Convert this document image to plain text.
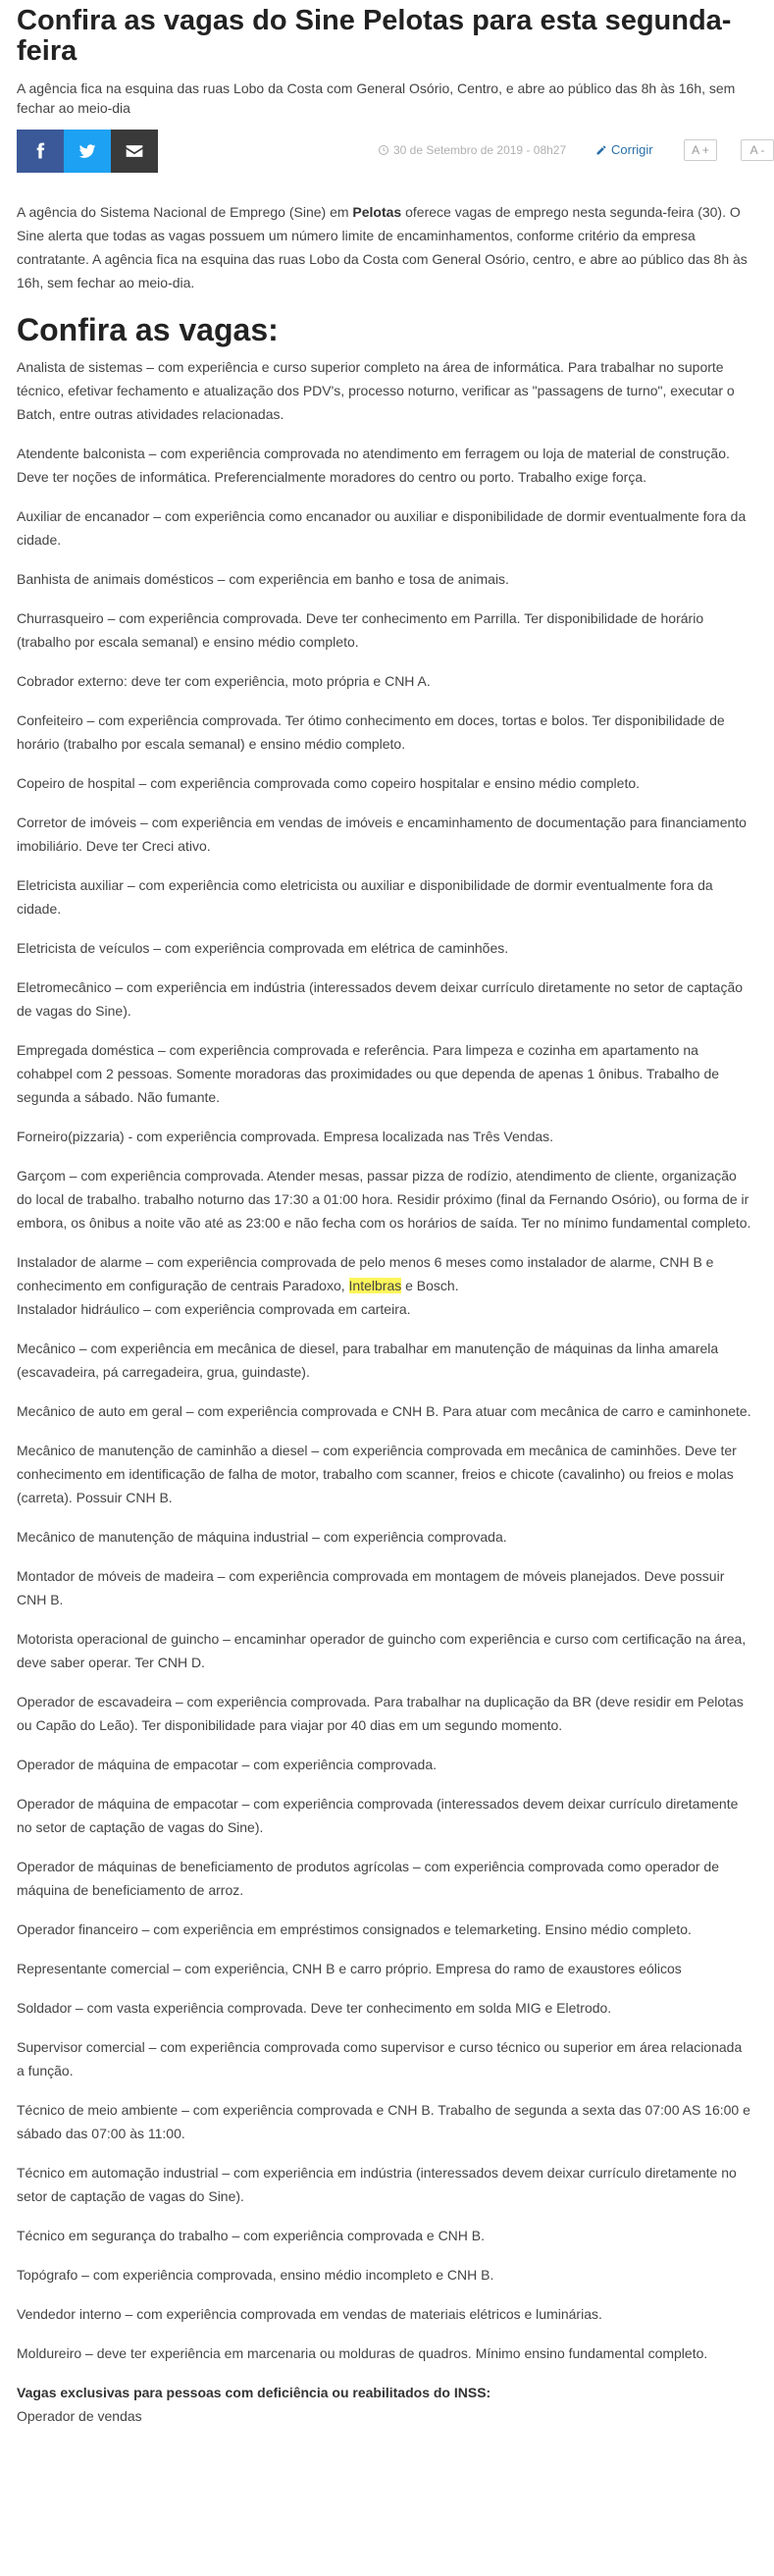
Confira as vagas do Sine Pelotas para esta segunda-feira
A agência fica na esquina das ruas Lobo da Costa com General Osório, Centro, e abre ao público das 8h às 16h, sem fechar ao meio-dia
30 de Setembro de 2019 - 08h27	Corrigir	A +	A -

A agência do Sistema Nacional de Emprego (Sine) em Pelotas oferece vagas de emprego nesta segunda-feira (30). O Sine alerta que todas as vagas possuem um número limite de encaminhamentos, conforme critério da empresa contratante. A agência fica na esquina das ruas Lobo da Costa com General Osório, centro, e abre ao público das 8h às 16h, sem fechar ao meio-dia.

Confira as vagas:

Analista de sistemas – com experiência e curso superior completo na área de informática. Para trabalhar no suporte técnico, efetivar fechamento e atualização dos PDV's, processo noturno, verificar as "passagens de turno", executar o Batch, entre outras atividades relacionadas.

Atendente balconista – com experiência comprovada no atendimento em ferragem ou loja de material de construção. Deve ter noções de informática. Preferencialmente moradores do centro ou porto. Trabalho exige força.

Auxiliar de encanador – com experiência como encanador ou auxiliar e disponibilidade de dormir eventualmente fora da cidade.

Banhista de animais domésticos – com experiência em banho e tosa de animais.

Churrasqueiro – com experiência comprovada. Deve ter conhecimento em Parrilla. Ter disponibilidade de horário (trabalho por escala semanal) e ensino médio completo.

Cobrador externo: deve ter com experiência, moto própria e CNH A.

Confeiteiro – com experiência comprovada. Ter ótimo conhecimento em doces, tortas e bolos. Ter disponibilidade de horário (trabalho por escala semanal) e ensino médio completo.

Copeiro de hospital – com experiência comprovada como copeiro hospitalar e ensino médio completo.

Corretor de imóveis – com experiência em vendas de imóveis e encaminhamento de documentação para financiamento imobiliário. Deve ter Creci ativo.

Eletricista auxiliar – com experiência como eletricista ou auxiliar e disponibilidade de dormir eventualmente fora da cidade.

Eletricista de veículos – com experiência comprovada em elétrica de caminhões.

Eletromecânico – com experiência em indústria (interessados devem deixar currículo diretamente no setor de captação de vagas do Sine).

Empregada doméstica – com experiência comprovada e referência. Para limpeza e cozinha em apartamento na cohabpel com 2 pessoas. Somente moradoras das proximidades ou que dependa de apenas 1 ônibus. Trabalho de segunda a sábado. Não fumante.

Forneiro(pizzaria) - com experiência comprovada. Empresa localizada nas Três Vendas.

Garçom – com experiência comprovada. Atender mesas, passar pizza de rodízio, atendimento de cliente, organização do local de trabalho. trabalho noturno das 17:30 a 01:00 hora. Residir próximo (final da Fernando Osório), ou forma de ir embora, os ônibus a noite vão até as 23:00 e não fecha com os horários de saída. Ter no mínimo fundamental completo.

Instalador de alarme – com experiência comprovada de pelo menos 6 meses como instalador de alarme, CNH B e conhecimento em configuração de centrais Paradoxo, Intelbras e Bosch.
Instalador hidráulico – com experiência comprovada em carteira.

Mecânico – com experiência em mecânica de diesel, para trabalhar em manutenção de máquinas da linha amarela (escavadeira, pá carregadeira, grua, guindaste).

Mecânico de auto em geral – com experiência comprovada e CNH B. Para atuar com mecânica de carro e caminhonete.

Mecânico de manutenção de caminhão a diesel – com experiência comprovada em mecânica de caminhões. Deve ter conhecimento em identificação de falha de motor, trabalho com scanner, freios e chicote (cavalinho) ou freios e molas (carreta). Possuir CNH B.

Mecânico de manutenção de máquina industrial – com experiência comprovada.

Montador de móveis de madeira – com experiência comprovada em montagem de móveis planejados. Deve possuir CNH B.

Motorista operacional de guincho – encaminhar operador de guincho com experiência e curso com certificação na área, deve saber operar. Ter CNH D.

Operador de escavadeira – com experiência comprovada. Para trabalhar na duplicação da BR (deve residir em Pelotas ou Capão do Leão). Ter disponibilidade para viajar por 40 dias em um segundo momento.

Operador de máquina de empacotar – com experiência comprovada.

Operador de máquina de empacotar – com experiência comprovada (interessados devem deixar currículo diretamente no setor de captação de vagas do Sine).

Operador de máquinas de beneficiamento de produtos agrícolas – com experiência comprovada como operador de máquina de beneficiamento de arroz.

Operador financeiro – com experiência em empréstimos consignados e telemarketing. Ensino médio completo.

Representante comercial – com experiência, CNH B e carro próprio. Empresa do ramo de exaustores eólicos

Soldador – com vasta experiência comprovada. Deve ter conhecimento em solda MIG e Eletrodo.

Supervisor comercial – com experiência comprovada como supervisor e curso técnico ou superior em área relacionada a função.

Técnico de meio ambiente – com experiência comprovada e CNH B. Trabalho de segunda a sexta das 07:00 AS 16:00 e sábado das 07:00 às 11:00.

Técnico em automação industrial – com experiência em indústria (interessados devem deixar currículo diretamente no setor de captação de vagas do Sine).

Técnico em segurança do trabalho – com experiência comprovada e CNH B.

Topógrafo – com experiência comprovada, ensino médio incompleto e CNH B.

Vendedor interno – com experiência comprovada em vendas de materiais elétricos e luminárias.

Moldureiro – deve ter experiência em marcenaria ou molduras de quadros. Mínimo ensino fundamental completo.

Vagas exclusivas para pessoas com deficiência ou reabilitados do INSS:

Operador de vendas
